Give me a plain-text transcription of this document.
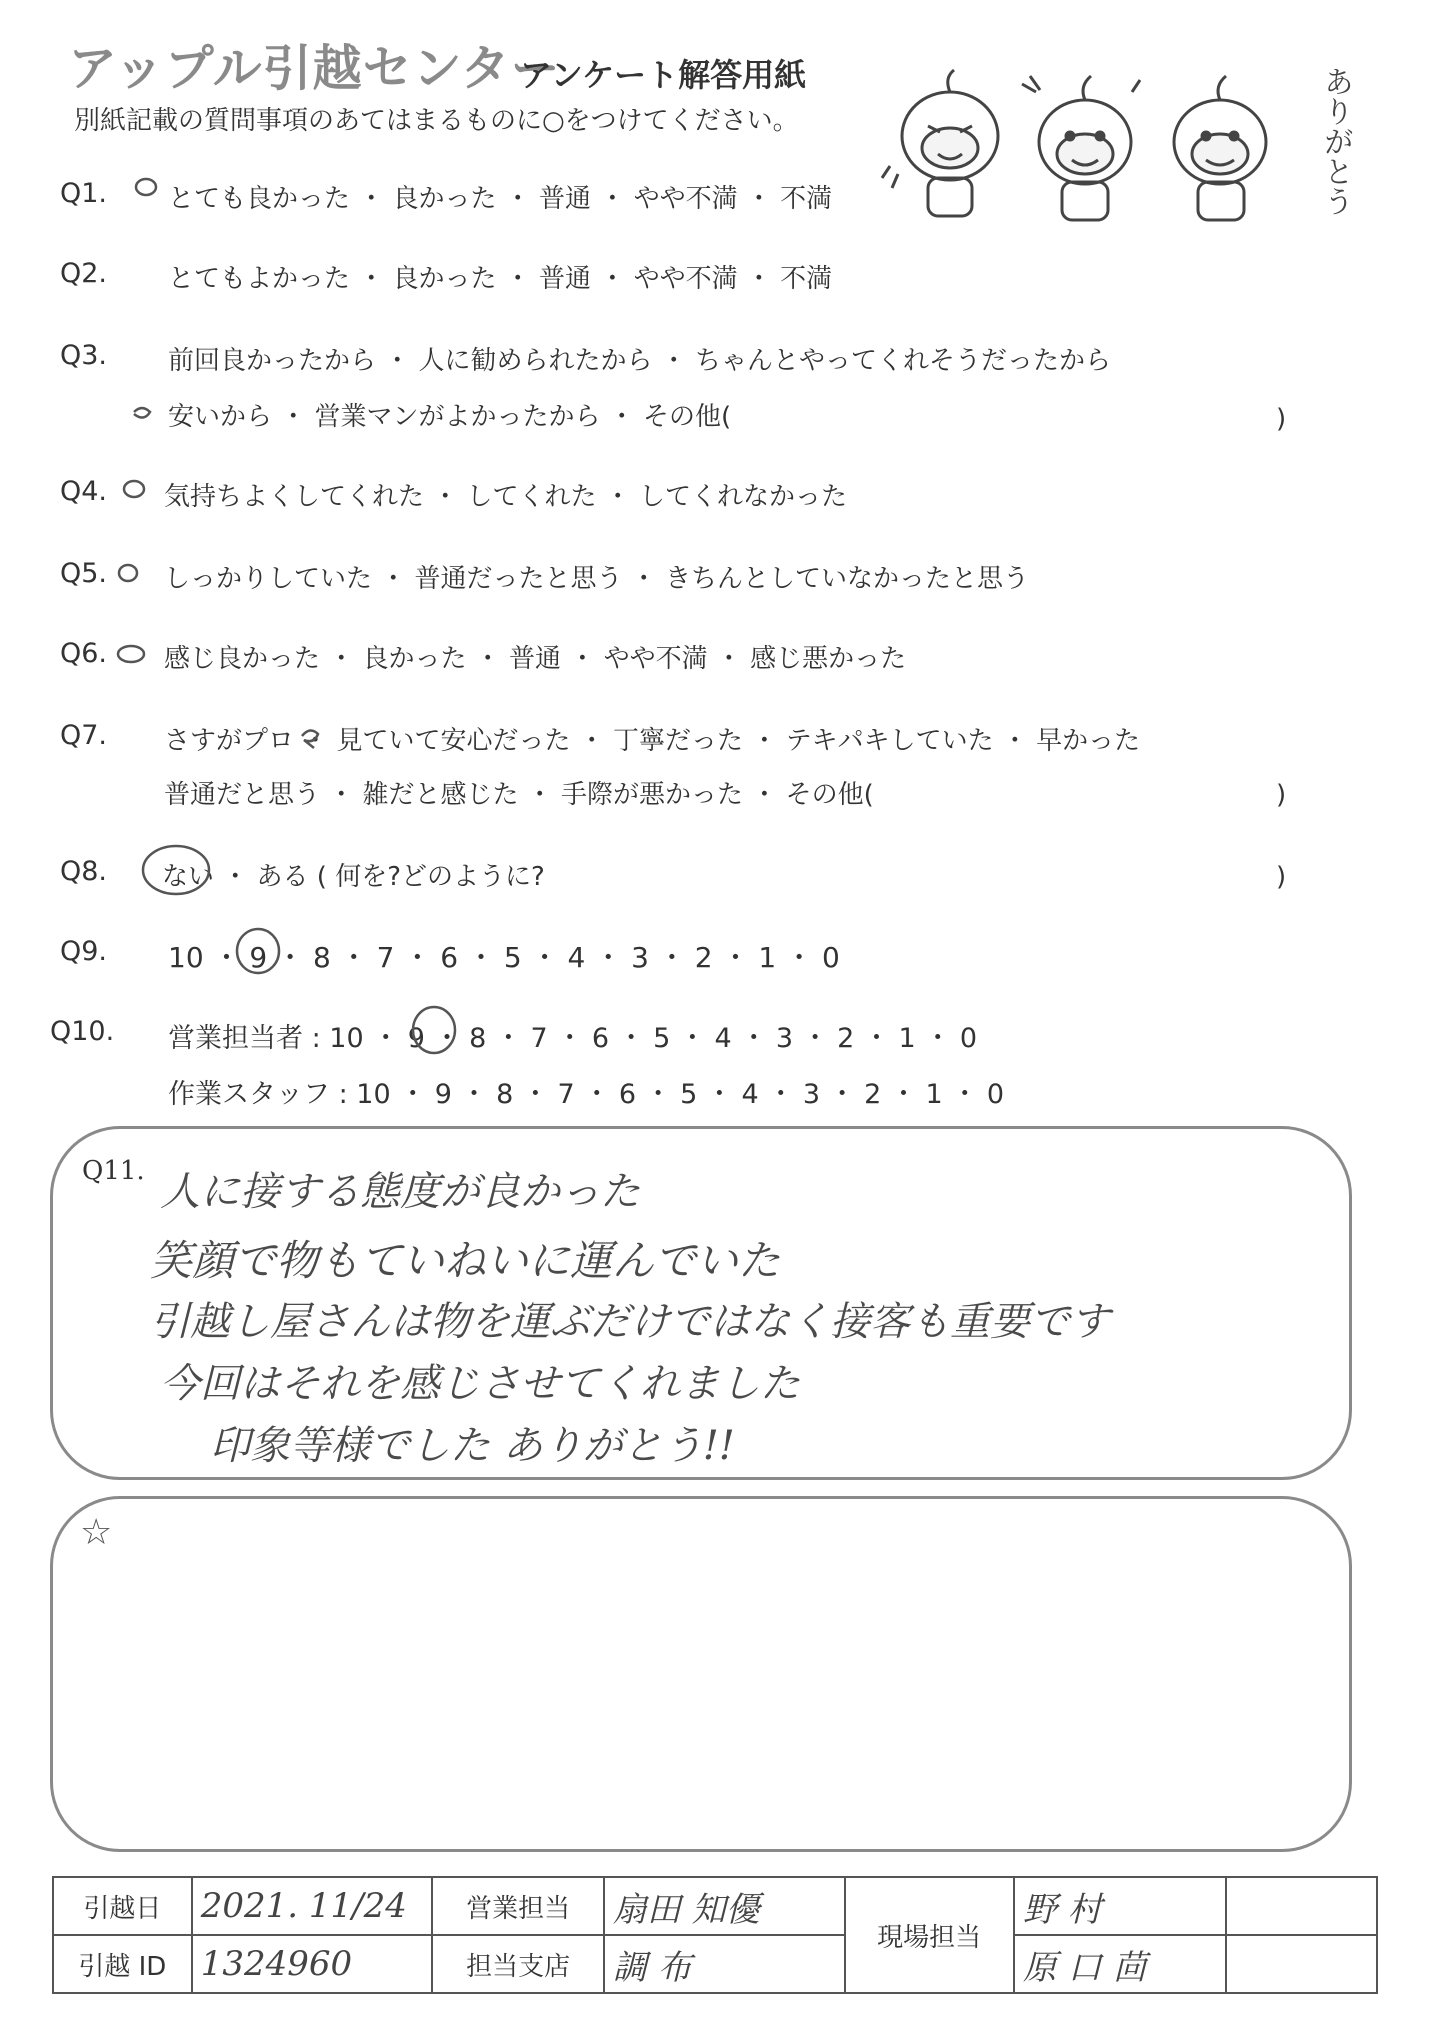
アップル引越センター
アンケート解答用紙
別紙記載の質問事項のあてはまるものに○をつけてください。	ありがとう
Q1. とても良かった ・ 良かった ・ 普通 ・ やや不満 ・ 不満
Q2. とてもよかった ・ 良かった ・ 普通 ・ やや不満 ・ 不満
Q3. 前回良かったから ・ 人に勧められたから ・ ちゃんとやってくれそうだったから
安いから ・ 営業マンがよかったから ・ その他(	)
Q4. 気持ちよくしてくれた ・ してくれた ・ してくれなかった
Q5. しっかりしていた ・ 普通だったと思う ・ きちんとしていなかったと思う
Q6. 感じ良かった ・ 良かった ・ 普通 ・ やや不満 ・ 感じ悪かった
Q7. さすがプロ ・ 見ていて安心だった ・ 丁寧だった ・ テキパキしていた ・ 早かった
普通だと思う ・ 雑だと感じた ・ 手際が悪かった ・ その他(	)
Q8. ない ・ ある ( 何を?どのように?	)
Q9. 10 ・ 9 ・ 8 ・ 7 ・ 6 ・ 5 ・ 4 ・ 3 ・ 2 ・ 1 ・ 0
Q10. 営業担当者 : 10 ・ 9 ・ 8 ・ 7 ・ 6 ・ 5 ・ 4 ・ 3 ・ 2 ・ 1 ・ 0
作業スタッフ : 10 ・ 9 ・ 8 ・ 7 ・ 6 ・ 5 ・ 4 ・ 3 ・ 2 ・ 1 ・ 0
Q11. 人に接する態度が良かった
笑顔で物もていねいに運んでいた
引越し屋さんは物を運ぶだけではなく接客も重要です
今回はそれを感じさせてくれました
印象等様でした ありがとう!!
☆
引越日	2021. 11/24	営業担当	扇田 知優	現場担当	野 村	
引越 ID	1324960	担当支店	調 布		原 口 茴	
